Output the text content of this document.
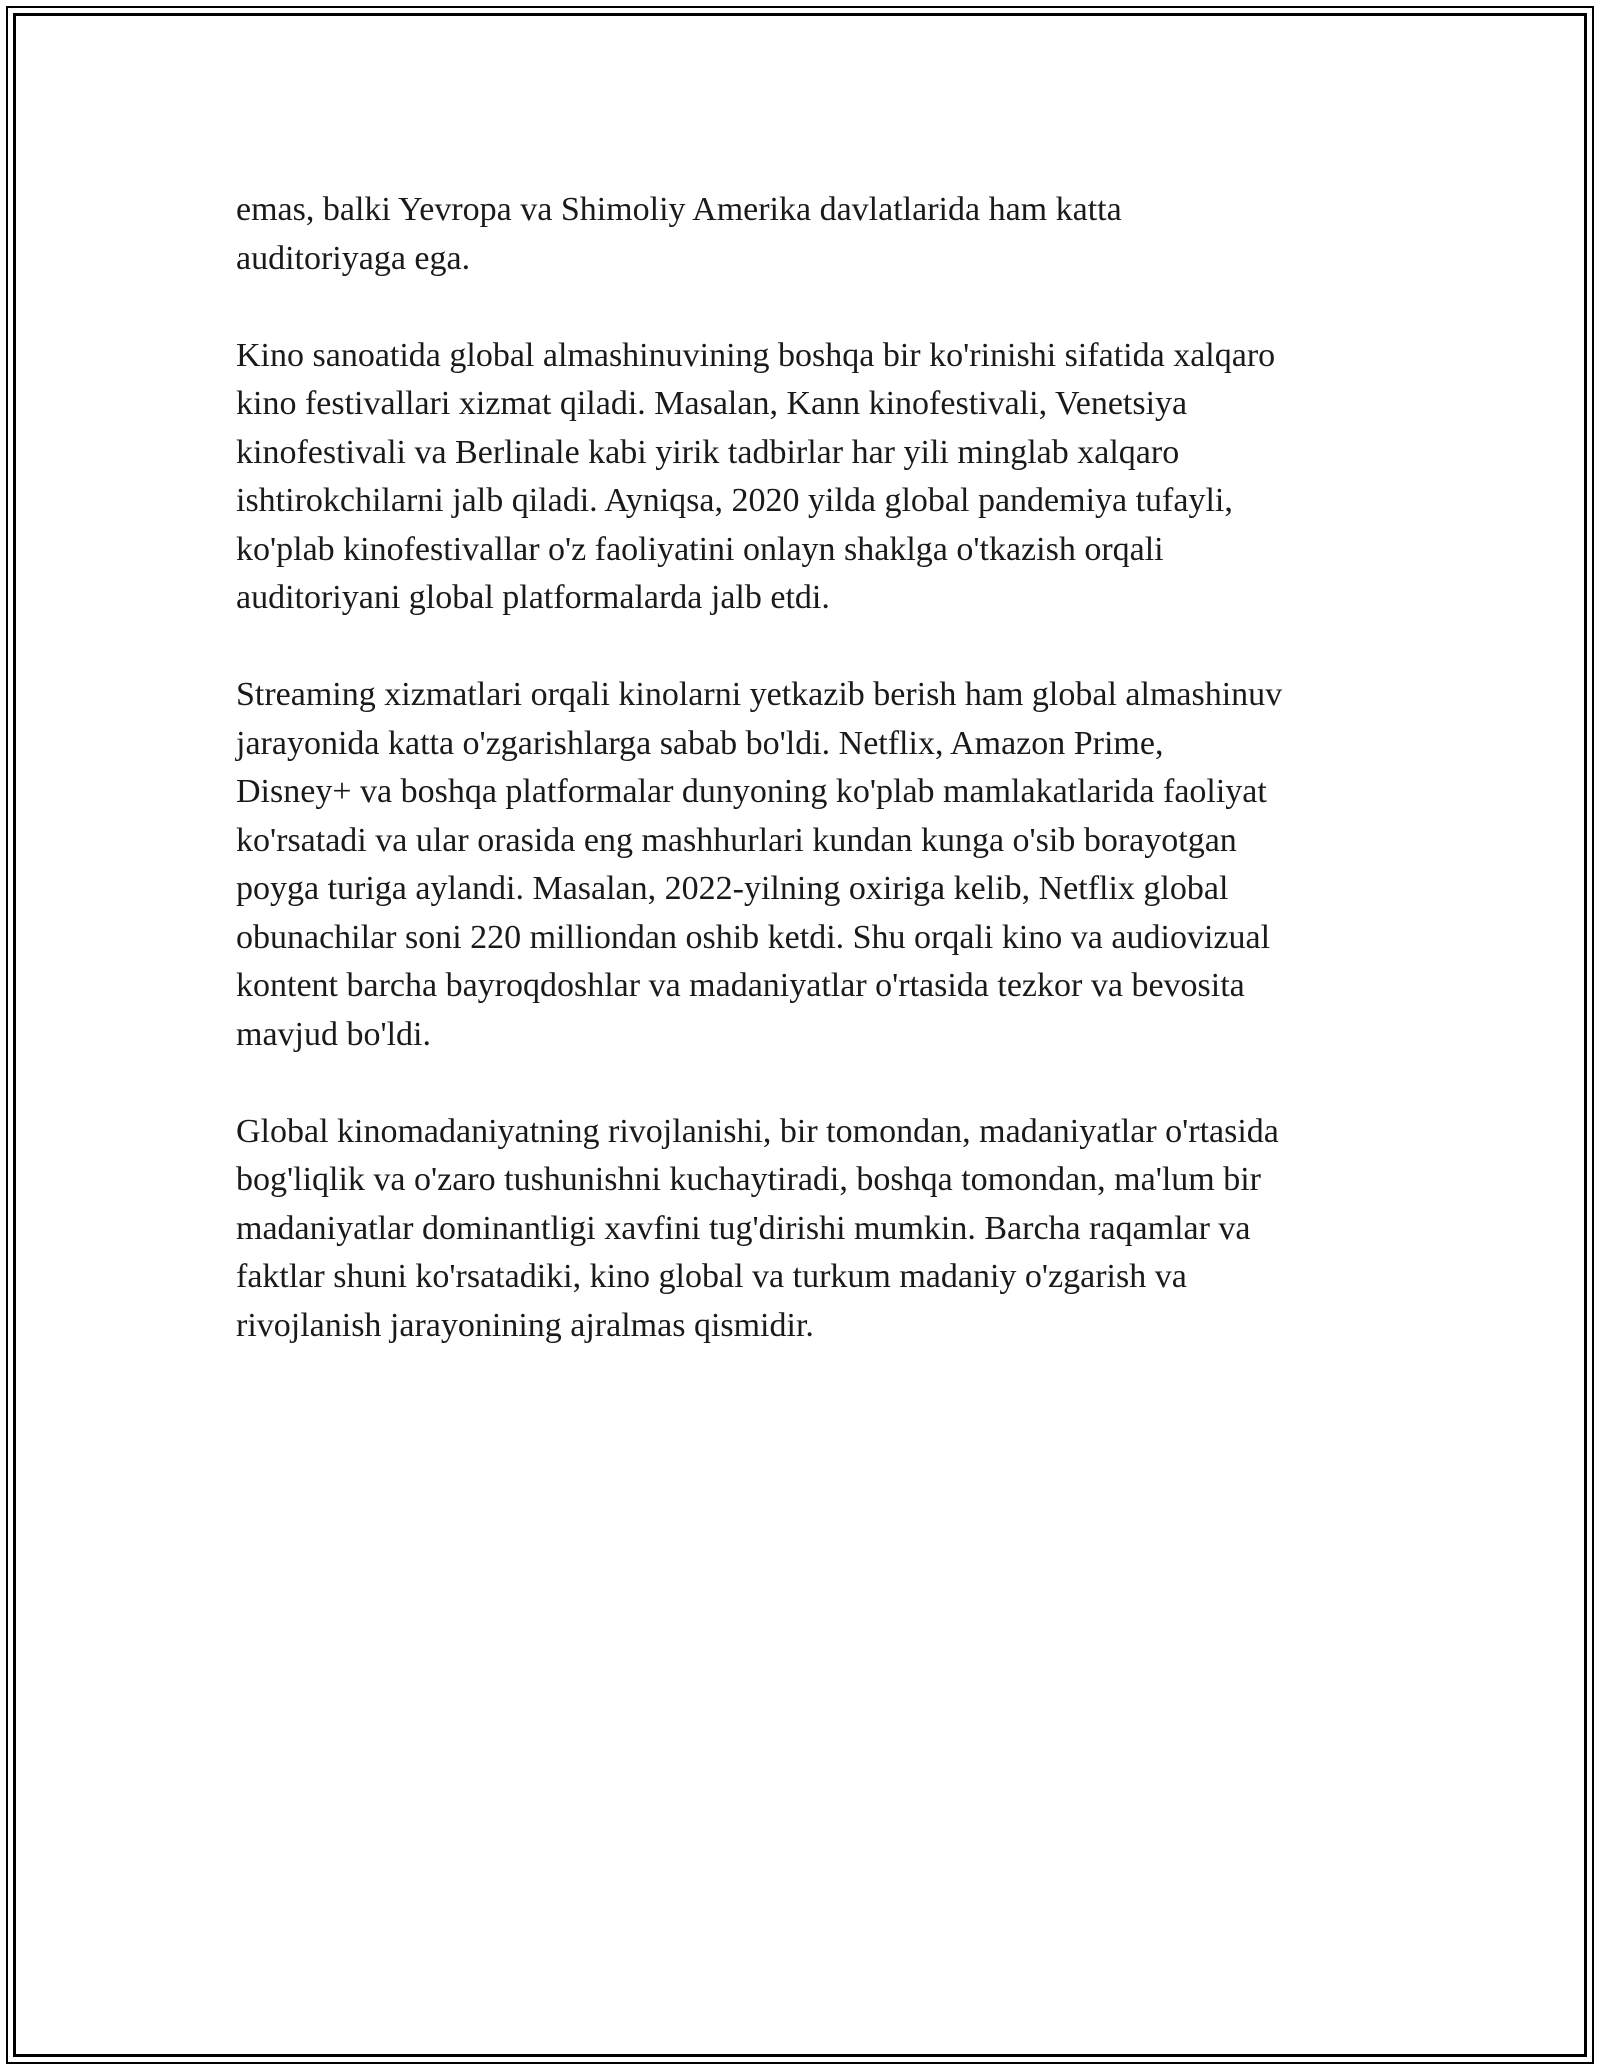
emas, balki Yevropa va Shimoliy Amerika davlatlarida ham katta
auditoriyaga ega.

Kino sanoatida global almashinuvining boshqa bir ko'rinishi sifatida xalqaro
kino festivallari xizmat qiladi. Masalan, Kann kinofestivali, Venetsiya
kinofestivali va Berlinale kabi yirik tadbirlar har yili minglab xalqaro
ishtirokchilarni jalb qiladi. Ayniqsa, 2020 yilda global pandemiya tufayli,
ko'plab kinofestivallar o'z faoliyatini onlayn shaklga o'tkazish orqali
auditoriyani global platformalarda jalb etdi.

Streaming xizmatlari orqali kinolarni yetkazib berish ham global almashinuv
jarayonida katta o'zgarishlarga sabab bo'ldi. Netflix, Amazon Prime,
Disney+ va boshqa platformalar dunyoning ko'plab mamlakatlarida faoliyat
ko'rsatadi va ular orasida eng mashhurlari kundan kunga o'sib borayotgan
poyga turiga aylandi. Masalan, 2022-yilning oxiriga kelib, Netflix global
obunachilar soni 220 milliondan oshib ketdi. Shu orqali kino va audiovizual
kontent barcha bayroqdoshlar va madaniyatlar o'rtasida tezkor va bevosita
mavjud bo'ldi.

Global kinomadaniyatning rivojlanishi, bir tomondan, madaniyatlar o'rtasida
bog'liqlik va o'zaro tushunishni kuchaytiradi, boshqa tomondan, ma'lum bir
madaniyatlar dominantligi xavfini tug'dirishi mumkin. Barcha raqamlar va
faktlar shuni ko'rsatadiki, kino global va turkum madaniy o'zgarish va
rivojlanish jarayonining ajralmas qismidir.
